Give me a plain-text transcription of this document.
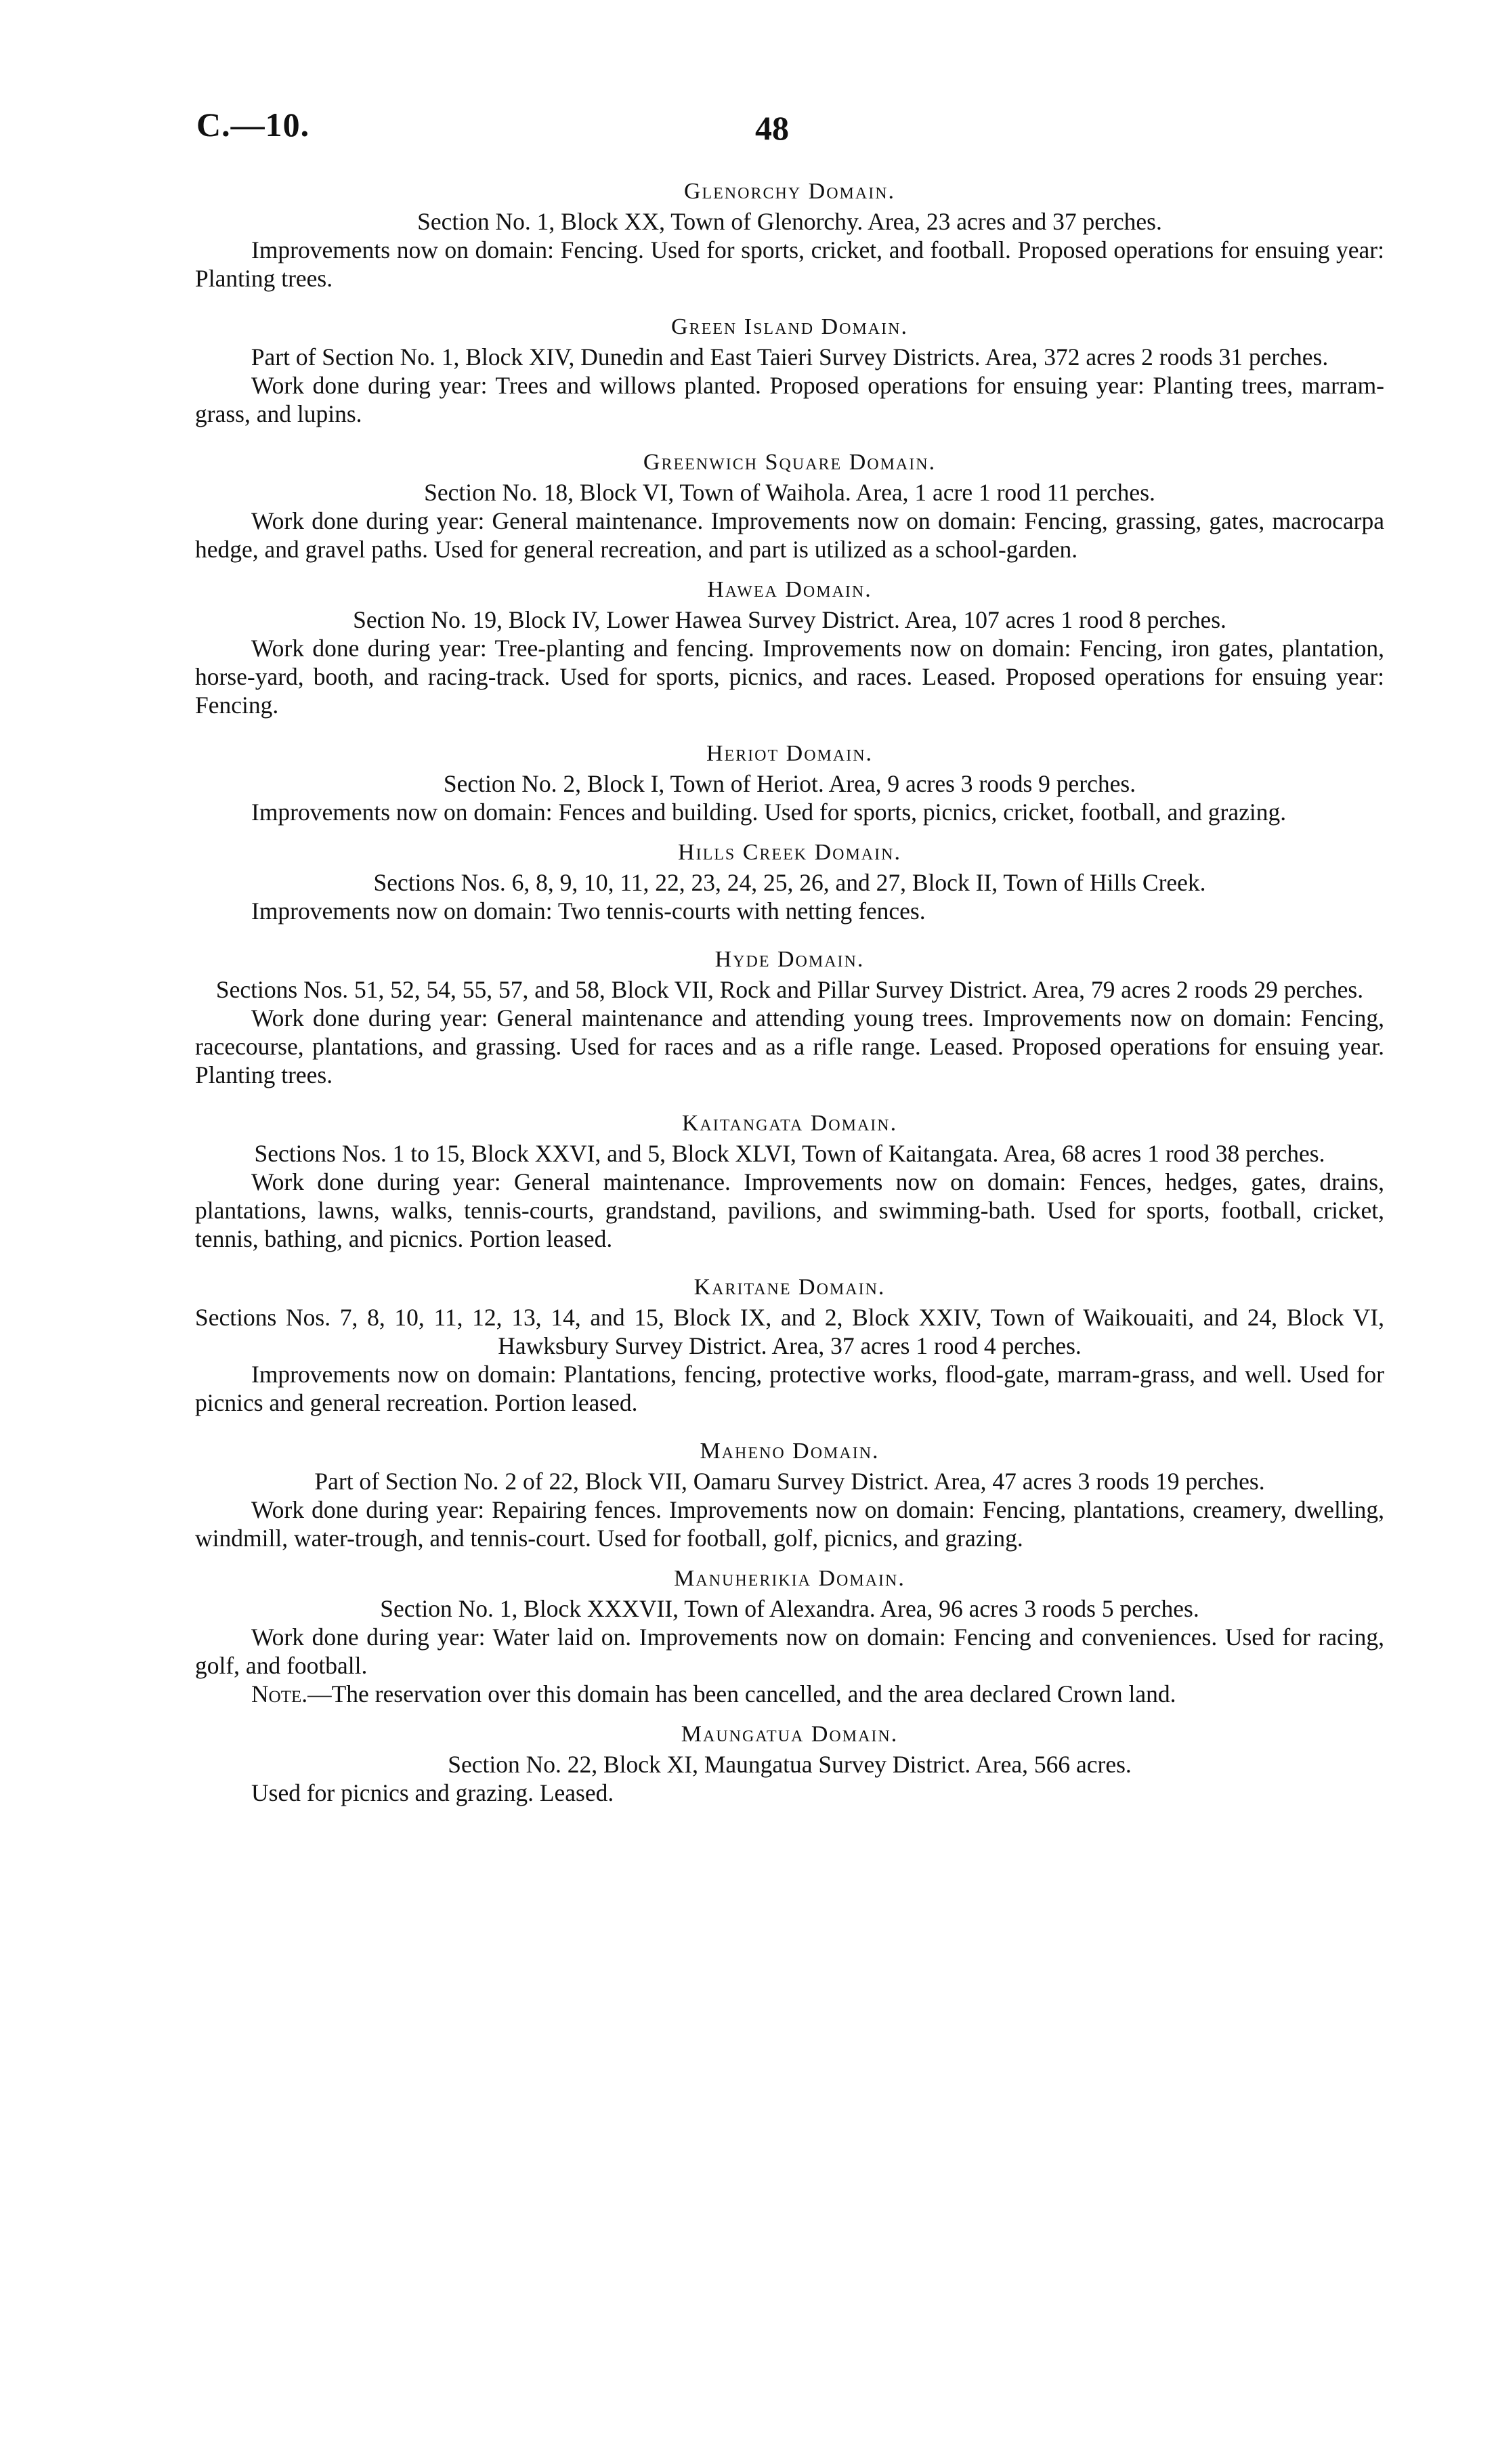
C.—10.	48
Glenorchy Domain.
Section No. 1, Block XX, Town of Glenorchy. Area, 23 acres and 37 perches.
Improvements now on domain: Fencing. Used for sports, cricket, and football. Proposed operations for ensuing year: Planting trees.
Green Island Domain.
Part of Section No. 1, Block XIV, Dunedin and East Taieri Survey Districts. Area, 372 acres 2 roods 31 perches.
Work done during year: Trees and willows planted. Proposed operations for ensuing year: Planting trees, marram-grass, and lupins.
Greenwich Square Domain.
Section No. 18, Block VI, Town of Waihola. Area, 1 acre 1 rood 11 perches.
Work done during year: General maintenance. Improvements now on domain: Fencing, grassing, gates, macrocarpa hedge, and gravel paths. Used for general recreation, and part is utilized as a school-garden.
Hawea Domain.
Section No. 19, Block IV, Lower Hawea Survey District. Area, 107 acres 1 rood 8 perches.
Work done during year: Tree-planting and fencing. Improvements now on domain: Fencing, iron gates, plantation, horse-yard, booth, and racing-track. Used for sports, picnics, and races. Leased. Proposed operations for ensuing year: Fencing.
Heriot Domain.
Section No. 2, Block I, Town of Heriot. Area, 9 acres 3 roods 9 perches.
Improvements now on domain: Fences and building. Used for sports, picnics, cricket, football, and grazing.
Hills Creek Domain.
Sections Nos. 6, 8, 9, 10, 11, 22, 23, 24, 25, 26, and 27, Block II, Town of Hills Creek.
Improvements now on domain: Two tennis-courts with netting fences.
Hyde Domain.
Sections Nos. 51, 52, 54, 55, 57, and 58, Block VII, Rock and Pillar Survey District. Area, 79 acres 2 roods 29 perches.
Work done during year: General maintenance and attending young trees. Improvements now on domain: Fencing, racecourse, plantations, and grassing. Used for races and as a rifle range. Leased. Proposed operations for ensuing year. Planting trees.
Kaitangata Domain.
Sections Nos. 1 to 15, Block XXVI, and 5, Block XLVI, Town of Kaitangata. Area, 68 acres 1 rood 38 perches.
Work done during year: General maintenance. Improvements now on domain: Fences, hedges, gates, drains, plantations, lawns, walks, tennis-courts, grandstand, pavilions, and swimming-bath. Used for sports, football, cricket, tennis, bathing, and picnics. Portion leased.
Karitane Domain.
Sections Nos. 7, 8, 10, 11, 12, 13, 14, and 15, Block IX, and 2, Block XXIV, Town of Waikouaiti, and 24, Block VI, Hawksbury Survey District. Area, 37 acres 1 rood 4 perches.
Improvements now on domain: Plantations, fencing, protective works, flood-gate, marram-grass, and well. Used for picnics and general recreation. Portion leased.
Maheno Domain.
Part of Section No. 2 of 22, Block VII, Oamaru Survey District. Area, 47 acres 3 roods 19 perches.
Work done during year: Repairing fences. Improvements now on domain: Fencing, plantations, creamery, dwelling, windmill, water-trough, and tennis-court. Used for football, golf, picnics, and grazing.
Manuherikia Domain.
Section No. 1, Block XXXVII, Town of Alexandra. Area, 96 acres 3 roods 5 perches.
Work done during year: Water laid on. Improvements now on domain: Fencing and conveniences. Used for racing, golf, and football.
Note.—The reservation over this domain has been cancelled, and the area declared Crown land.
Maungatua Domain.
Section No. 22, Block XI, Maungatua Survey District. Area, 566 acres.
Used for picnics and grazing. Leased.
